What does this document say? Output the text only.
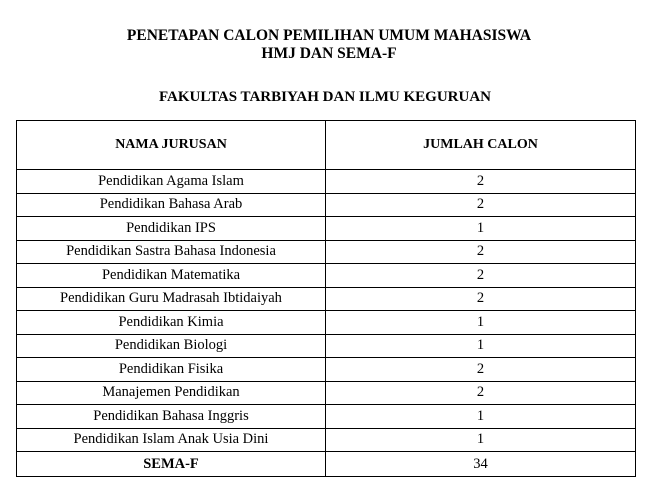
PENETAPAN CALON PEMILIHAN UMUM MAHASISWA
HMJ DAN SEMA-F
FAKULTAS TARBIYAH DAN ILMU KEGURUAN
NAMA JURUSAN	JUMLAH CALON
Pendidikan Agama Islam	2
Pendidikan Bahasa Arab	2
Pendidikan IPS	1
Pendidikan Sastra Bahasa Indonesia	2
Pendidikan Matematika	2
Pendidikan Guru Madrasah Ibtidaiyah	2
Pendidikan Kimia	1
Pendidikan Biologi	1
Pendidikan Fisika	2
Manajemen Pendidikan	2
Pendidikan Bahasa Inggris	1
Pendidikan Islam Anak Usia Dini	1
SEMA-F	34
